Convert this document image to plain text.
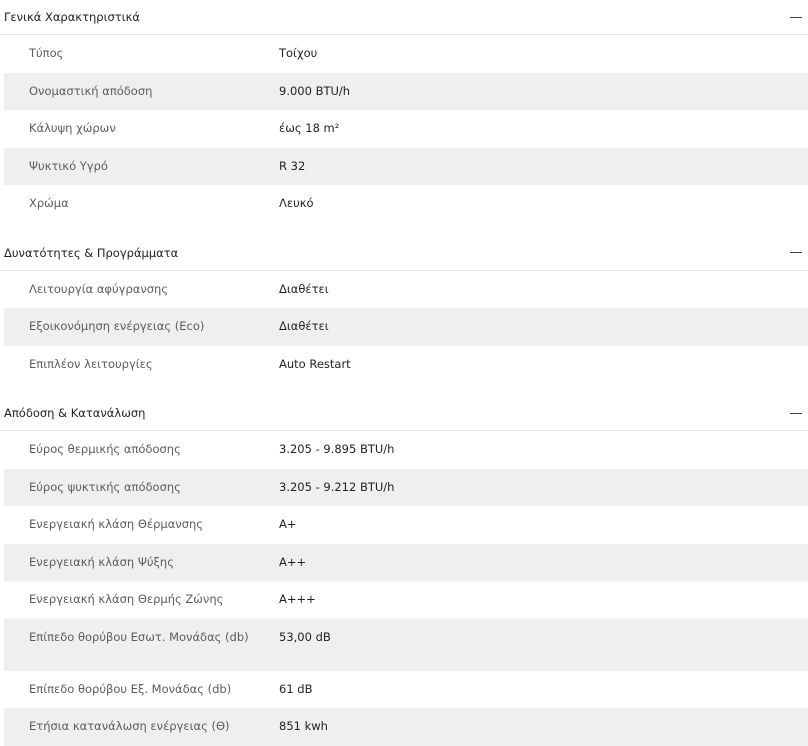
Γενικά Χαρακτηριστικά
Τύπος	Τοίχου
Ονομαστική απόδοση	9.000 BTU/h
Κάλυψη χώρων	έως 18 m²
Ψυκτικό Υγρό	R 32
Χρώμα	Λευκό
Δυνατότητες & Προγράμματα
Λειτουργία αφύγρανσης	Διαθέτει
Εξοικονόμηση ενέργειας (Eco)	Διαθέτει
Επιπλέον λειτουργίες	Auto Restart
Απόδοση & Κατανάλωση
Εύρος θερμικής απόδοσης	3.205 - 9.895 BTU/h
Εύρος ψυκτικής απόδοσης	3.205 - 9.212 BTU/h
Ενεργειακή κλάση Θέρμανσης	A+
Ενεργειακή κλάση Ψύξης	A++
Ενεργειακή κλάση Θερμής Ζώνης	A+++
Επίπεδο θορύβου Εσωτ. Μονάδας (db)	53,00 dB
Επίπεδο θορύβου Εξ. Μονάδας (db)	61 dB
Ετήσια κατανάλωση ενέργειας (Θ)	851 kwh
